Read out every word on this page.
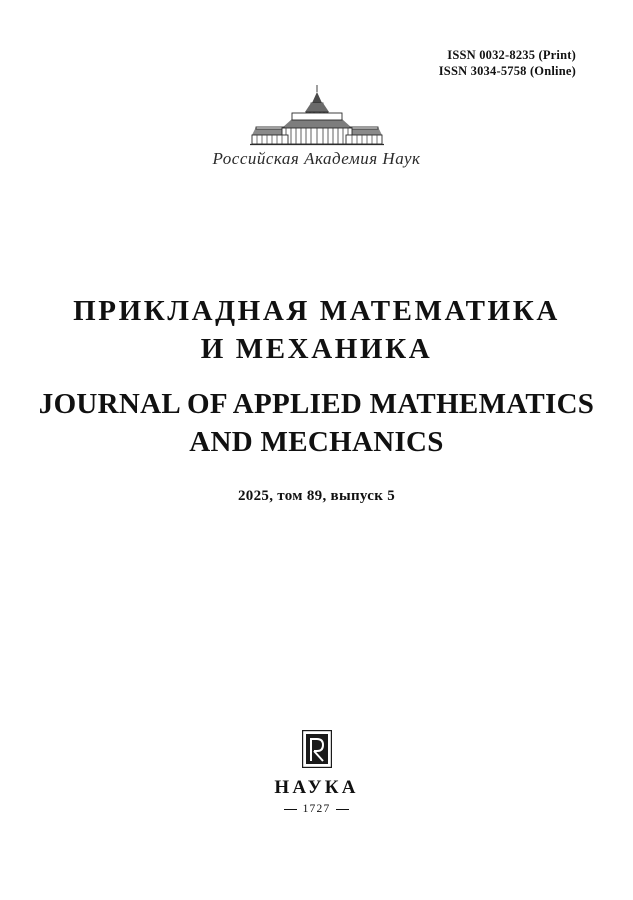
ISSN 0032-8235 (Print)
ISSN 3034-5758 (Online)
Российская Академия Наук
ПРИКЛАДНАЯ МАТЕМАТИКА
И МЕХАНИКА
JOURNAL OF APPLIED MATHEMATICS
AND MECHANICS
2025, том 89, выпуск 5
НАУКА
1727
